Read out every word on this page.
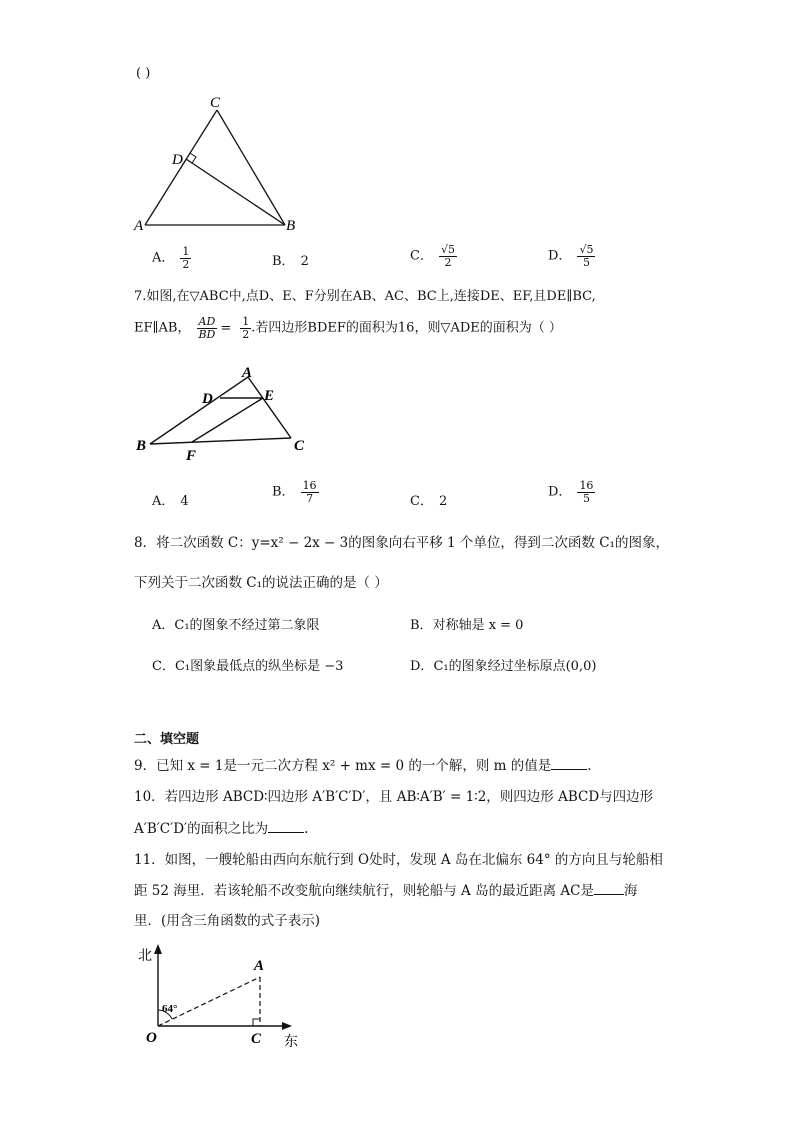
( )
C
D
A	B
A． $\frac{1}{2}$	B． 2	C． $\frac{√5}{2}$	D． $\frac{√5}{5}$
7.如图,在▽ABC中,点D、E、F分别在AB、AC、BC上,连接DE、EF,且DE∥BC,
EF∥AB， $\frac{AD}{BD} = \frac{1}{2}$ .若四边形BDEF的面积为16，则▽ADE的面积为（ ）
A
D	E
B
F
C
A． 4
B． $\frac{16}{7}$	C． 2
D． $\frac{16}{5}$
8．将二次函数 C：y=x² − 2x − 3的图象向右平移 1 个单位，得到二次函数 C₁的图象，
下列关于二次函数 C₁的说法正确的是（ ）
A．C₁的图象不经过第二象限	B．对称轴是 x = 0
C．C₁图象最低点的纵坐标是 −3	D．C₁的图象经过坐标原点(0,0)
二、填空题
9．已知 x = 1是一元二次方程 x² + mx = 0 的一个解，则 m 的值是	.
10．若四边形 ABCD∶四边形 A′B′C′D′，且 AB∶A′B′ = 1∶2，则四边形 ABCD与四边形
A′B′C′D′的面积之比为	.
11．如图，一艘轮船由西向东航行到 O处时，发现 A 岛在北偏东 64° 的方向且与轮船相
距 52 海里．若该轮船不改变航向继续航行，则轮船与 A 岛的最近距离 AC是 海
里．(用含三角函数的式子表示)
北
东
64°
A
O	C
